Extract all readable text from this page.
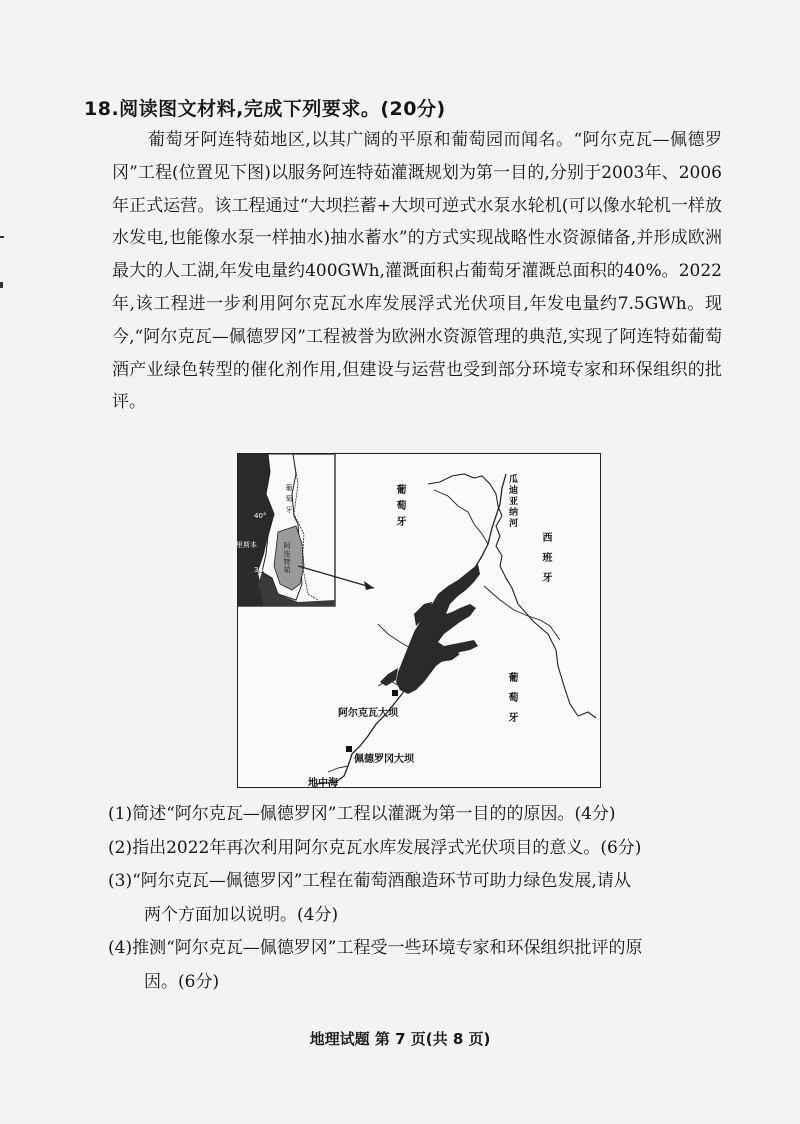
18.阅读图文材料,完成下列要求。(20分)

葡萄牙阿连特茹地区,以其广阔的平原和葡萄园而闻名。“阿尔克瓦—佩德罗冈”工程(位置见下图)以服务阿连特茹灌溉规划为第一目的,分别于2003年、2006年正式运营。该工程通过“大坝拦蓄+大坝可逆式水泵水轮机(可以像水轮机一样放水发电,也能像水泵一样抽水)抽水蓄水”的方式实现战略性水资源储备,并形成欧洲最大的人工湖,年发电量约400GWh,灌溉面积占葡萄牙灌溉总面积的40%。2022年,该工程进一步利用阿尔克瓦水库发展浮式光伏项目,年发电量约7.5GWh。现今,“阿尔克瓦—佩德罗冈”工程被誉为欧洲水资源管理的典范,实现了阿连特茹葡萄酒产业绿色转型的催化剂作用,但建设与运营也受到部分环境专家和环保组织的批评。

葡萄牙
阿连特茹
里斯本
40°
38°
葡萄牙
西班牙
葡萄牙
瓜迪亚纳河
阿尔克瓦大坝
佩德罗冈大坝
地中海
(1)简述“阿尔克瓦—佩德罗冈”工程以灌溉为第一目的的原因。(4分)
(2)指出2022年再次利用阿尔克瓦水库发展浮式光伏项目的意义。(6分)
(3)“阿尔克瓦—佩德罗冈”工程在葡萄酒酿造环节可助力绿色发展,请从
两个方面加以说明。(4分)
(4)推测“阿尔克瓦—佩德罗冈”工程受一些环境专家和环保组织批评的原
因。(6分)
地理试题 第 7 页(共 8 页)
